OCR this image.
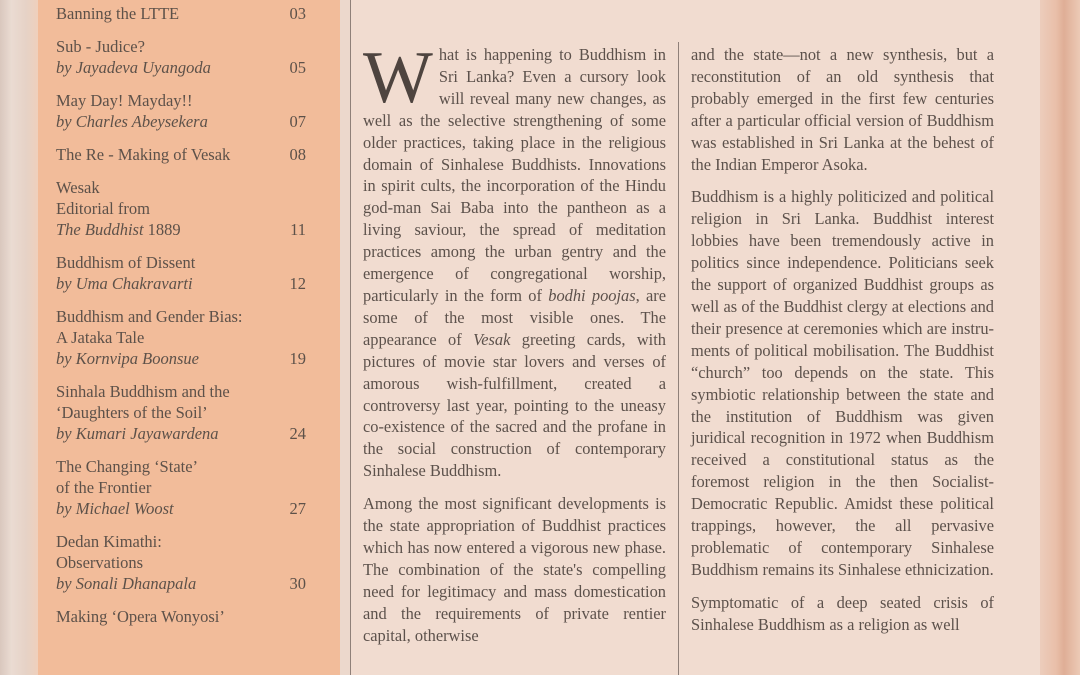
Banning the LTTE	03
Sub - Judice?
by Jayadeva Uyangoda	05
May Day! Mayday!!
by Charles Abeysekera	07
The Re - Making of Vesak	08
Wesak
Editorial from
The Buddhist 1889	11
Buddhism of Dissent
by Uma Chakravarti	12
Buddhism and Gender Bias:
A Jataka Tale
by Kornvipa Boonsue	19
Sinhala Buddhism and the
‘Daughters of the Soil’
by Kumari Jayawardena	24
The Changing ‘State’
of the Frontier
by Michael Woost	27
Dedan Kimathi:
Observations
by Sonali Dhanapala	30
Making ‘Opera Wonyosi’

What is happening to Buddhism in Sri Lanka? Even a cursory look will reveal many new changes, as well as the selective strengthening of some older practices, taking place in the religious domain of Sinhalese Buddhists. Innovations in spirit cults, the incorporation of the Hindu god-man Sai Baba into the pantheon as a living saviour, the spread of meditation practices among the urban gentry and the emergence of congregational worship, particularly in the form of bodhi poojas, are some of the most visible ones. The appearance of Vesak greeting cards, with pictures of movie star lovers and verses of amorous wish-fulfillment, created a controversy last year, pointing to the uneasy co-existence of the sacred and the profane in the social construction of contemporary Sinhalese Buddhism.

Among the most significant developments is the state appropriation of Buddhist practices which has now entered a vigorous new phase. The combination of the state's compelling need for legitimacy and mass domestication and the requirements of private rentier capital, otherwise

and the state—not a new synthesis, but a reconstitution of an old synthesis that probably emerged in the first few centuries after a particular official version of Buddhism was established in Sri Lanka at the behest of the Indian Emperor Asoka.

Buddhism is a highly politicized and political religion in Sri Lanka. Buddhist interest lobbies have been tremendously active in politics since independence. Politicians seek the support of organized Buddhist groups as well as of the Buddhist clergy at elections and their presence at ceremonies which are instruments of political mobilisation. The Buddhist “church” too depends on the state. This symbiotic relationship between the state and the institution of Buddhism was given juridical recognition in 1972 when Buddhism received a constitutional status as the foremost religion in the then Socialist-Democratic Republic. Amidst these political trappings, however, the all pervasive problematic of contemporary Sinhalese Buddhism remains its Sinhalese ethnicization.

Symptomatic of a deep seated crisis of Sinhalese Buddhism as a religion as well
